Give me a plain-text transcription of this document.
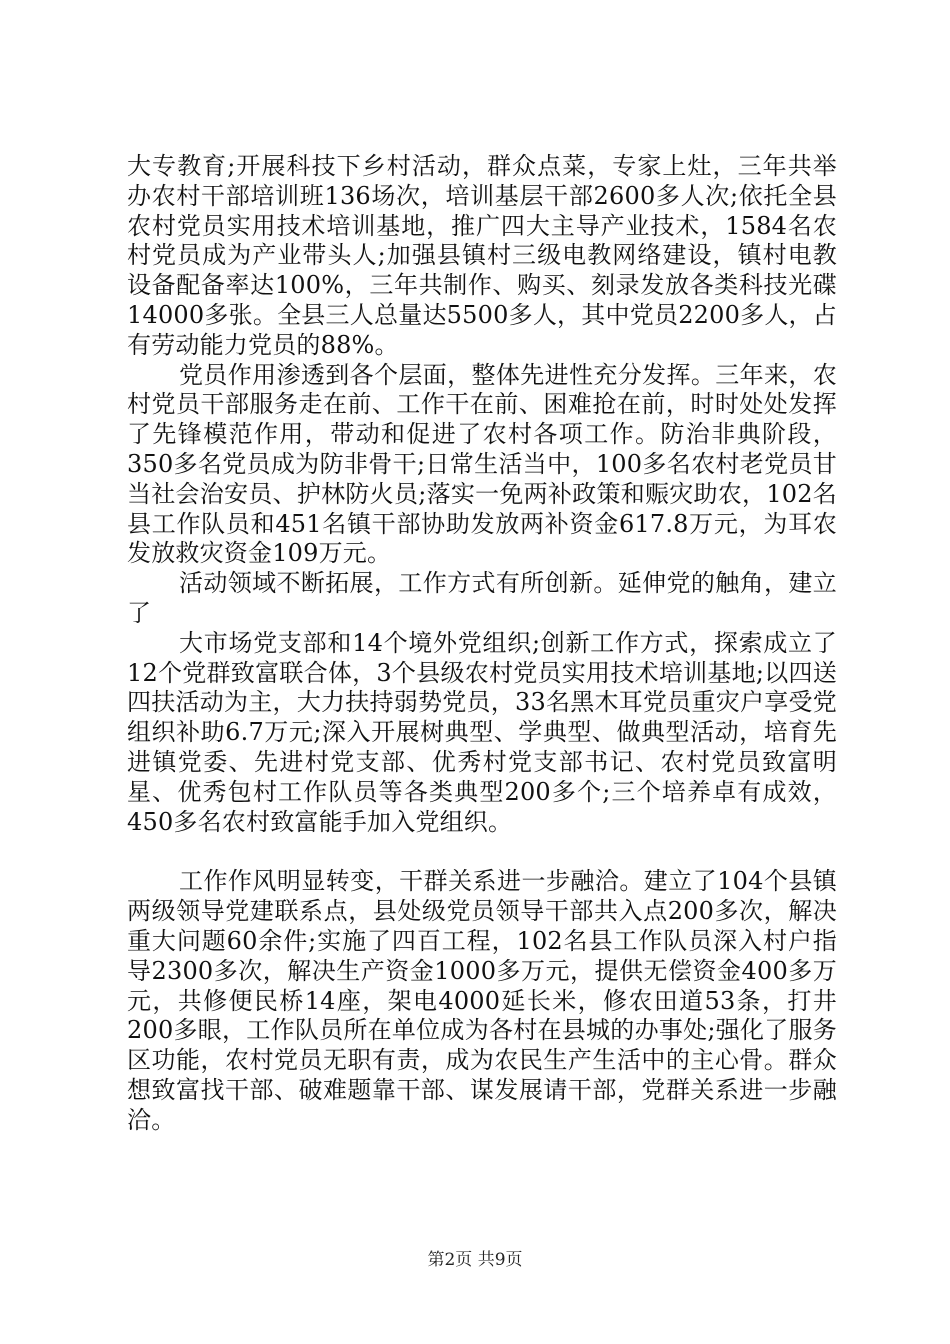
大专教育;开展科技下乡村活动，群众点菜，专家上灶，三年共举办农村干部培训班136场次，培训基层干部2600多人次;依托全县农村党员实用技术培训基地，推广四大主导产业技术，1584名农村党员成为产业带头人;加强县镇村三级电教网络建设，镇村电教设备配备率达100%，三年共制作、购买、刻录发放各类科技光碟14000多张。全县三人总量达5500多人，其中党员2200多人，占有劳动能力党员的88%。

党员作用渗透到各个层面，整体先进性充分发挥。三年来，农村党员干部服务走在前、工作干在前、困难抢在前，时时处处发挥了先锋模范作用，带动和促进了农村各项工作。防治非典阶段，350多名党员成为防非骨干;日常生活当中，100多名农村老党员甘当社会治安员、护林防火员;落实一免两补政策和赈灾助农，102名县工作队员和451名镇干部协助发放两补资金617.8万元，为耳农发放救灾资金109万元。

活动领域不断拓展，工作方式有所创新。延伸党的触角，建立了

大市场党支部和14个境外党组织;创新工作方式，探索成立了12个党群致富联合体，3个县级农村党员实用技术培训基地;以四送四扶活动为主，大力扶持弱势党员，33名黑木耳党员重灾户享受党组织补助6.7万元;深入开展树典型、学典型、做典型活动，培育先进镇党委、先进村党支部、优秀村党支部书记、农村党员致富明星、优秀包村工作队员等各类典型200多个;三个培养卓有成效，450多名农村致富能手加入党组织。

工作作风明显转变，干群关系进一步融洽。建立了104个县镇两级领导党建联系点，县处级党员领导干部共入点200多次，解决重大问题60余件;实施了四百工程，102名县工作队员深入村户指导2300多次，解决生产资金1000多万元，提供无偿资金400多万元，共修便民桥14座，架电4000延长米，修农田道53条，打井200多眼，工作队员所在单位成为各村在县城的办事处;强化了服务区功能，农村党员无职有责，成为农民生产生活中的主心骨。群众想致富找干部、破难题靠干部、谋发展请干部，党群关系进一步融洽。

第2页 共9页
